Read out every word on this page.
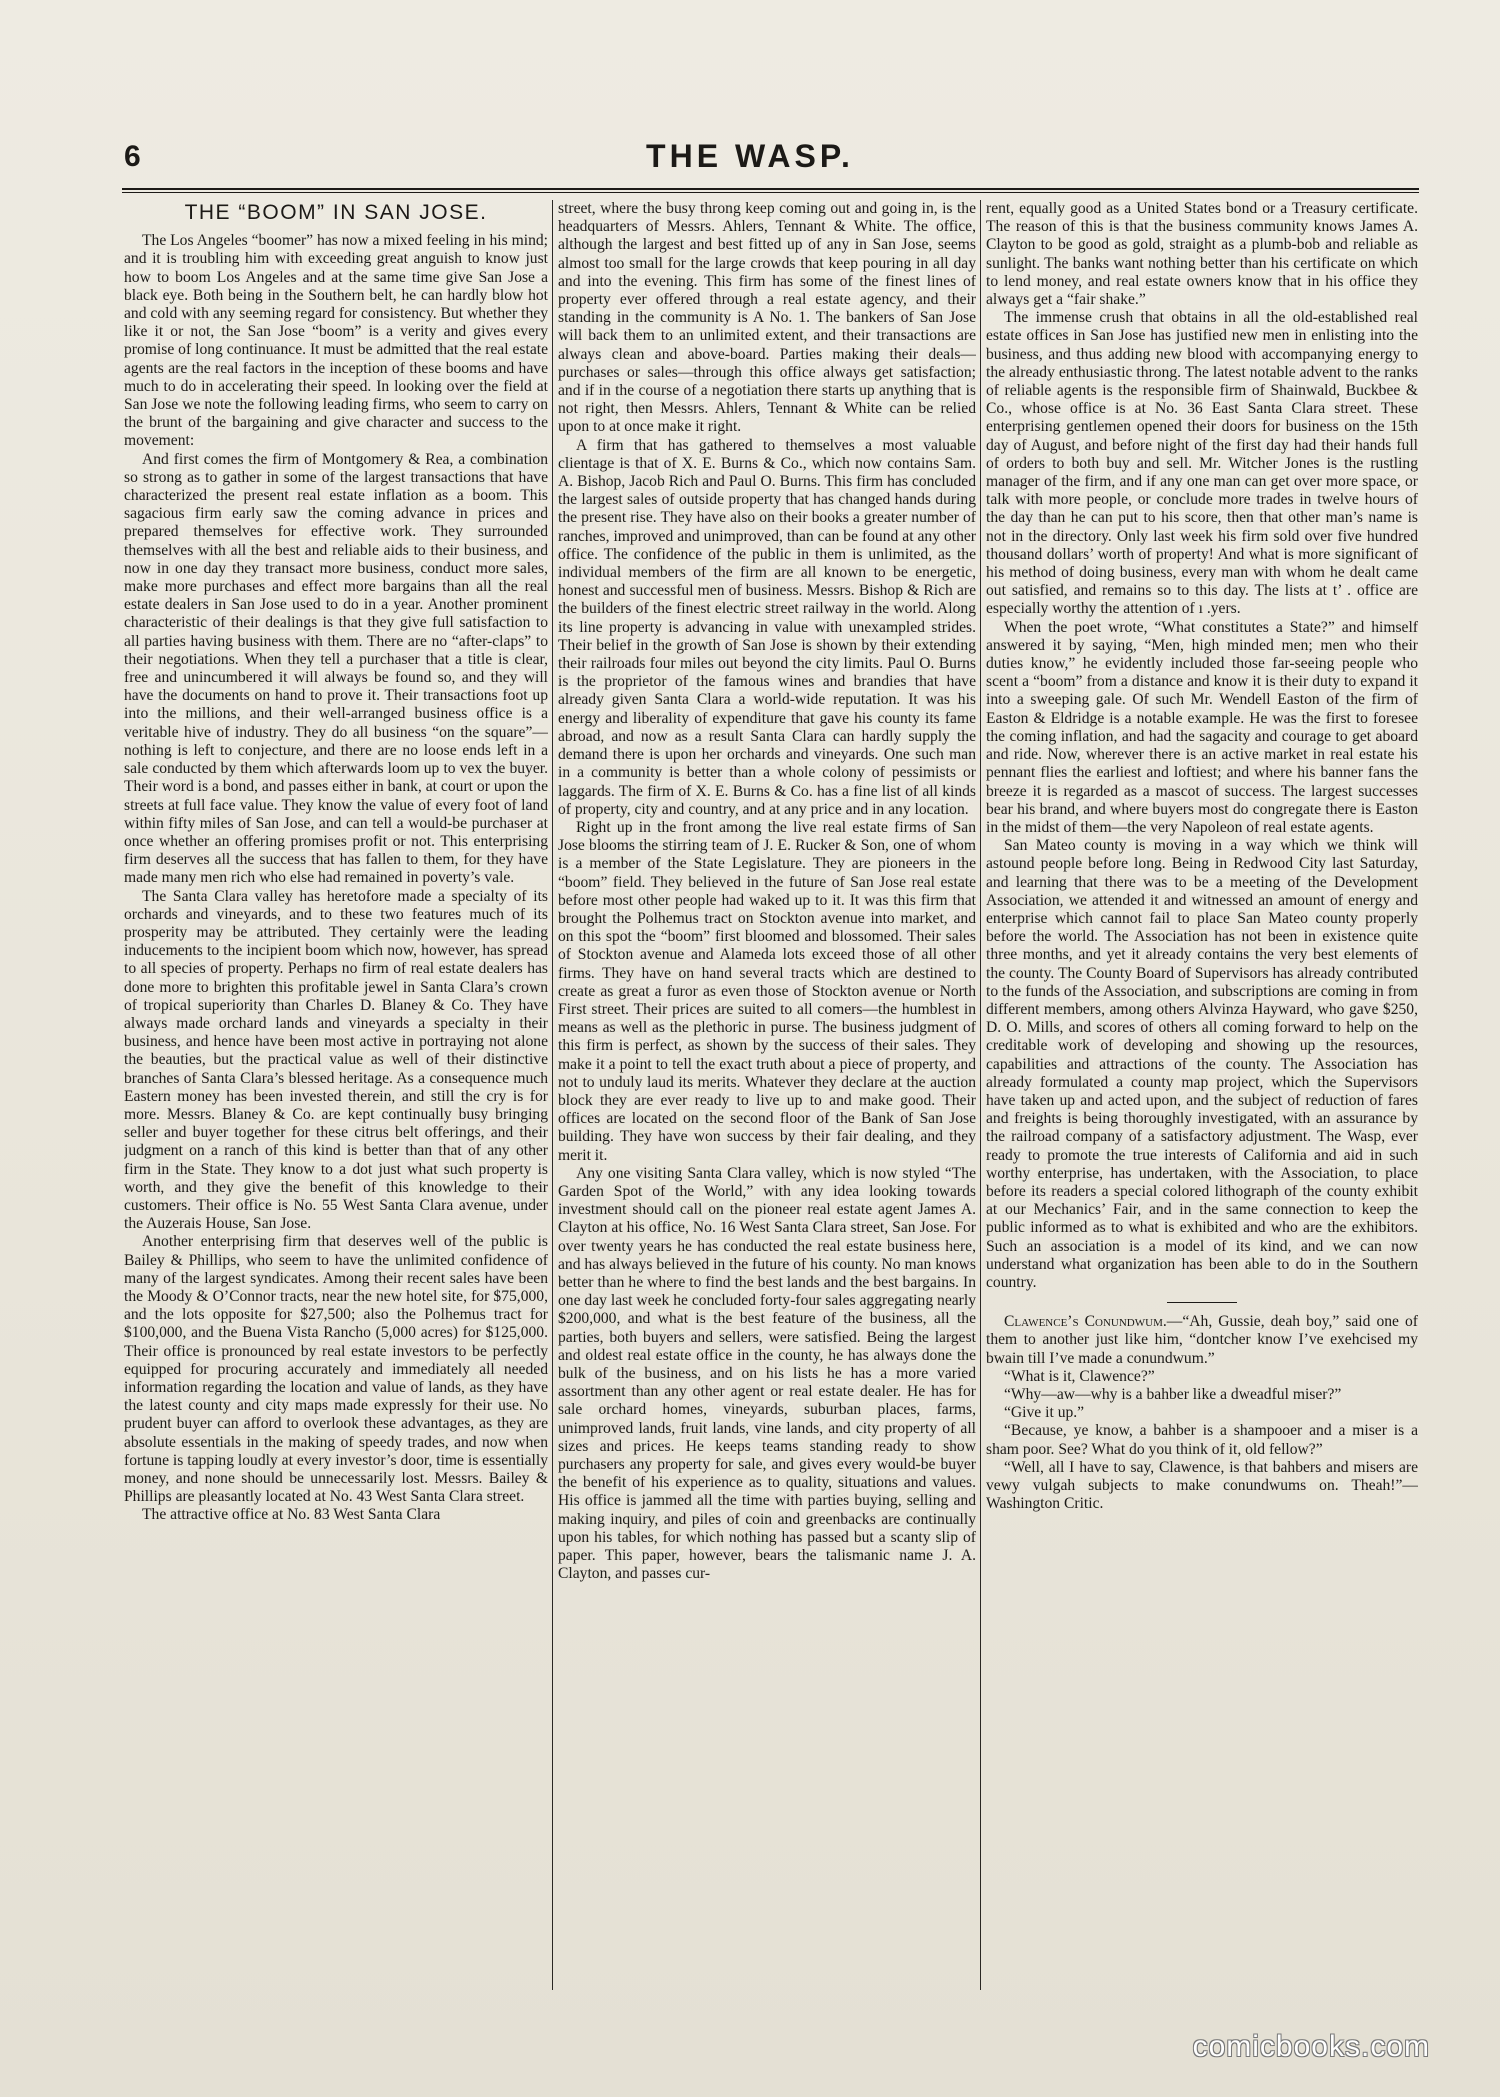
6	THE WASP.

THE “BOOM” IN SAN JOSE.

The Los Angeles “boomer” has now a mixed feeling in his mind; and it is troubling him with exceeding great anguish to know just how to boom Los Angeles and at the same time give San Jose a black eye. Both being in the Southern belt, he can hardly blow hot and cold with any seeming regard for consistency. But whether they like it or not, the San Jose “boom” is a verity and gives every promise of long continuance. It must be admitted that the real estate agents are the real factors in the inception of these booms and have much to do in accelerating their speed. In looking over the field at San Jose we note the following leading firms, who seem to carry on the brunt of the bargaining and give character and success to the movement:

And first comes the firm of Montgomery & Rea, a combination so strong as to gather in some of the largest transactions that have characterized the present real estate inflation as a boom. This sagacious firm early saw the coming advance in prices and prepared themselves for effective work. They surrounded themselves with all the best and reliable aids to their business, and now in one day they transact more business, conduct more sales, make more purchases and effect more bargains than all the real estate dealers in San Jose used to do in a year. Another prominent characteristic of their dealings is that they give full satisfaction to all parties having business with them. There are no “after-claps” to their negotiations. When they tell a purchaser that a title is clear, free and unincumbered it will always be found so, and they will have the documents on hand to prove it. Their transactions foot up into the millions, and their well-arranged business office is a veritable hive of industry. They do all business “on the square”—nothing is left to conjecture, and there are no loose ends left in a sale conducted by them which afterwards loom up to vex the buyer. Their word is a bond, and passes either in bank, at court or upon the streets at full face value. They know the value of every foot of land within fifty miles of San Jose, and can tell a would-be purchaser at once whether an offering promises profit or not. This enterprising firm deserves all the success that has fallen to them, for they have made many men rich who else had remained in poverty’s vale.

The Santa Clara valley has heretofore made a specialty of its orchards and vineyards, and to these two features much of its prosperity may be attributed. They certainly were the leading inducements to the incipient boom which now, however, has spread to all species of property. Perhaps no firm of real estate dealers has done more to brighten this profitable jewel in Santa Clara’s crown of tropical superiority than Charles D. Blaney & Co. They have always made orchard lands and vineyards a specialty in their business, and hence have been most active in portraying not alone the beauties, but the practical value as well of their distinctive branches of Santa Clara’s blessed heritage. As a consequence much Eastern money has been invested therein, and still the cry is for more. Messrs. Blaney & Co. are kept continually busy bringing seller and buyer together for these citrus belt offerings, and their judgment on a ranch of this kind is better than that of any other firm in the State. They know to a dot just what such property is worth, and they give the benefit of this knowledge to their customers. Their office is No. 55 West Santa Clara avenue, under the Auzerais House, San Jose.

Another enterprising firm that deserves well of the public is Bailey & Phillips, who seem to have the unlimited confidence of many of the largest syndicates. Among their recent sales have been the Moody & O’Connor tracts, near the new hotel site, for $75,000, and the lots opposite for $27,500; also the Polhemus tract for $100,000, and the Buena Vista Rancho (5,000 acres) for $125,000. Their office is pronounced by real estate investors to be perfectly equipped for procuring accurately and immediately all needed information regarding the location and value of lands, as they have the latest county and city maps made expressly for their use. No prudent buyer can afford to overlook these advantages, as they are absolute essentials in the making of speedy trades, and now when fortune is tapping loudly at every investor’s door, time is essentially money, and none should be unnecessarily lost. Messrs. Bailey & Phillips are pleasantly located at No. 43 West Santa Clara street.

The attractive office at No. 83 West Santa Clara

street, where the busy throng keep coming out and going in, is the headquarters of Messrs. Ahlers, Tennant & White. The office, although the largest and best fitted up of any in San Jose, seems almost too small for the large crowds that keep pouring in all day and into the evening. This firm has some of the finest lines of property ever offered through a real estate agency, and their standing in the community is A No. 1. The bankers of San Jose will back them to an unlimited extent, and their transactions are always clean and above-board. Parties making their deals—purchases or sales—through this office always get satisfaction; and if in the course of a negotiation there starts up anything that is not right, then Messrs. Ahlers, Tennant & White can be relied upon to at once make it right.

A firm that has gathered to themselves a most valuable clientage is that of X. E. Burns & Co., which now contains Sam. A. Bishop, Jacob Rich and Paul O. Burns. This firm has concluded the largest sales of outside property that has changed hands during the present rise. They have also on their books a greater number of ranches, improved and unimproved, than can be found at any other office. The confidence of the public in them is unlimited, as the individual members of the firm are all known to be energetic, honest and successful men of business. Messrs. Bishop & Rich are the builders of the finest electric street railway in the world. Along its line property is advancing in value with unexampled strides. Their belief in the growth of San Jose is shown by their extending their railroads four miles out beyond the city limits. Paul O. Burns is the proprietor of the famous wines and brandies that have already given Santa Clara a world-wide reputation. It was his energy and liberality of expenditure that gave his county its fame abroad, and now as a result Santa Clara can hardly supply the demand there is upon her orchards and vineyards. One such man in a community is better than a whole colony of pessimists or laggards. The firm of X. E. Burns & Co. has a fine list of all kinds of property, city and country, and at any price and in any location.

Right up in the front among the live real estate firms of San Jose blooms the stirring team of J. E. Rucker & Son, one of whom is a member of the State Legislature. They are pioneers in the “boom” field. They believed in the future of San Jose real estate before most other people had waked up to it. It was this firm that brought the Polhemus tract on Stockton avenue into market, and on this spot the “boom” first bloomed and blossomed. Their sales of Stockton avenue and Alameda lots exceed those of all other firms. They have on hand several tracts which are destined to create as great a furor as even those of Stockton avenue or North First street. Their prices are suited to all comers—the humblest in means as well as the plethoric in purse. The business judgment of this firm is perfect, as shown by the success of their sales. They make it a point to tell the exact truth about a piece of property, and not to unduly laud its merits. Whatever they declare at the auction block they are ever ready to live up to and make good. Their offices are located on the second floor of the Bank of San Jose building. They have won success by their fair dealing, and they merit it.

Any one visiting Santa Clara valley, which is now styled “The Garden Spot of the World,” with any idea looking towards investment should call on the pioneer real estate agent James A. Clayton at his office, No. 16 West Santa Clara street, San Jose. For over twenty years he has conducted the real estate business here, and has always believed in the future of his county. No man knows better than he where to find the best lands and the best bargains. In one day last week he concluded forty-four sales aggregating nearly $200,000, and what is the best feature of the business, all the parties, both buyers and sellers, were satisfied. Being the largest and oldest real estate office in the county, he has always done the bulk of the business, and on his lists he has a more varied assortment than any other agent or real estate dealer. He has for sale orchard homes, vineyards, suburban places, farms, unimproved lands, fruit lands, vine lands, and city property of all sizes and prices. He keeps teams standing ready to show purchasers any property for sale, and gives every would-be buyer the benefit of his experience as to quality, situations and values. His office is jammed all the time with parties buying, selling and making inquiry, and piles of coin and greenbacks are continually upon his tables, for which nothing has passed but a scanty slip of paper. This paper, however, bears the talismanic name J. A. Clayton, and passes cur-

rent, equally good as a United States bond or a Treasury certificate. The reason of this is that the business community knows James A. Clayton to be good as gold, straight as a plumb-bob and reliable as sunlight. The banks want nothing better than his certificate on which to lend money, and real estate owners know that in his office they always get a “fair shake.”

The immense crush that obtains in all the old-established real estate offices in San Jose has justified new men in enlisting into the business, and thus adding new blood with accompanying energy to the already enthusiastic throng. The latest notable advent to the ranks of reliable agents is the responsible firm of Shainwald, Buckbee & Co., whose office is at No. 36 East Santa Clara street. These enterprising gentlemen opened their doors for business on the 15th day of August, and before night of the first day had their hands full of orders to both buy and sell. Mr. Witcher Jones is the rustling manager of the firm, and if any one man can get over more space, or talk with more people, or conclude more trades in twelve hours of the day than he can put to his score, then that other man’s name is not in the directory. Only last week his firm sold over five hundred thousand dollars’ worth of property! And what is more significant of his method of doing business, every man with whom he dealt came out satisfied, and remains so to this day. The lists at t’ . office are especially worthy the attention of ı .yers.

When the poet wrote, “What constitutes a State?” and himself answered it by saying, “Men, high minded men; men who their duties know,” he evidently included those far-seeing people who scent a “boom” from a distance and know it is their duty to expand it into a sweeping gale. Of such Mr. Wendell Easton of the firm of Easton & Eldridge is a notable example. He was the first to foresee the coming inflation, and had the sagacity and courage to get aboard and ride. Now, wherever there is an active market in real estate his pennant flies the earliest and loftiest; and where his banner fans the breeze it is regarded as a mascot of success. The largest successes bear his brand, and where buyers most do congregate there is Easton in the midst of them—the very Napoleon of real estate agents.

San Mateo county is moving in a way which we think will astound people before long. Being in Redwood City last Saturday, and learning that there was to be a meeting of the Development Association, we attended it and witnessed an amount of energy and enterprise which cannot fail to place San Mateo county properly before the world. The Association has not been in existence quite three months, and yet it already contains the very best elements of the county. The County Board of Supervisors has already contributed to the funds of the Association, and subscriptions are coming in from different members, among others Alvinza Hayward, who gave $250, D. O. Mills, and scores of others all coming forward to help on the creditable work of developing and showing up the resources, capabilities and attractions of the county. The Association has already formulated a county map project, which the Supervisors have taken up and acted upon, and the subject of reduction of fares and freights is being thoroughly investigated, with an assurance by the railroad company of a satisfactory adjustment. The Wasp, ever ready to promote the true interests of California and aid in such worthy enterprise, has undertaken, with the Association, to place before its readers a special colored lithograph of the county exhibit at our Mechanics’ Fair, and in the same connection to keep the public informed as to what is exhibited and who are the exhibitors. Such an association is a model of its kind, and we can now understand what organization has been able to do in the Southern country.

Clawence’s Conundwum.—“Ah, Gussie, deah boy,” said one of them to another just like him, “dontcher know I’ve exehcised my bwain till I’ve made a conundwum.”

“What is it, Clawence?”

“Why—aw—why is a bahber like a dweadful miser?”

“Give it up.”

“Because, ye know, a bahber is a shampooer and a miser is a sham poor. See? What do you think of it, old fellow?”

“Well, all I have to say, Clawence, is that bahbers and misers are vewy vulgah subjects to make conundwums on. Theah!”— Washington Critic.

comicbooks.com
